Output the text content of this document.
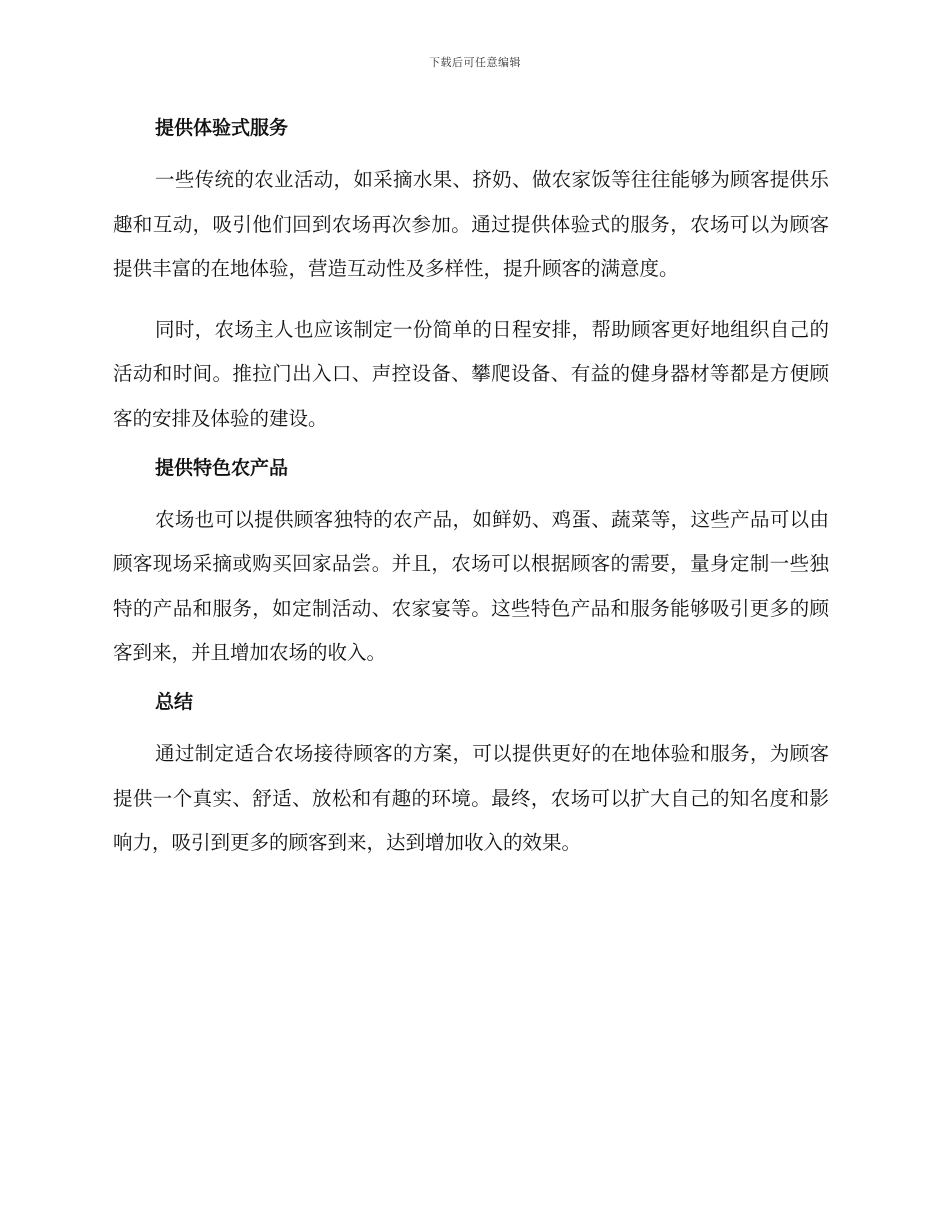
下载后可任意编辑
提供体验式服务

一些传统的农业活动，如采摘水果、挤奶、做农家饭等往往能够为顾客提供乐趣和互动，吸引他们回到农场再次参加。通过提供体验式的服务，农场可以为顾客提供丰富的在地体验，营造互动性及多样性，提升顾客的满意度。

同时，农场主人也应该制定一份简单的日程安排，帮助顾客更好地组织自己的活动和时间。推拉门出入口、声控设备、攀爬设备、有益的健身器材等都是方便顾客的安排及体验的建设。

提供特色农产品

农场也可以提供顾客独特的农产品，如鲜奶、鸡蛋、蔬菜等，这些产品可以由顾客现场采摘或购买回家品尝。并且，农场可以根据顾客的需要，量身定制一些独特的产品和服务，如定制活动、农家宴等。这些特色产品和服务能够吸引更多的顾客到来，并且增加农场的收入。

总结

通过制定适合农场接待顾客的方案，可以提供更好的在地体验和服务，为顾客提供一个真实、舒适、放松和有趣的环境。最终，农场可以扩大自己的知名度和影响力，吸引到更多的顾客到来，达到增加收入的效果。
